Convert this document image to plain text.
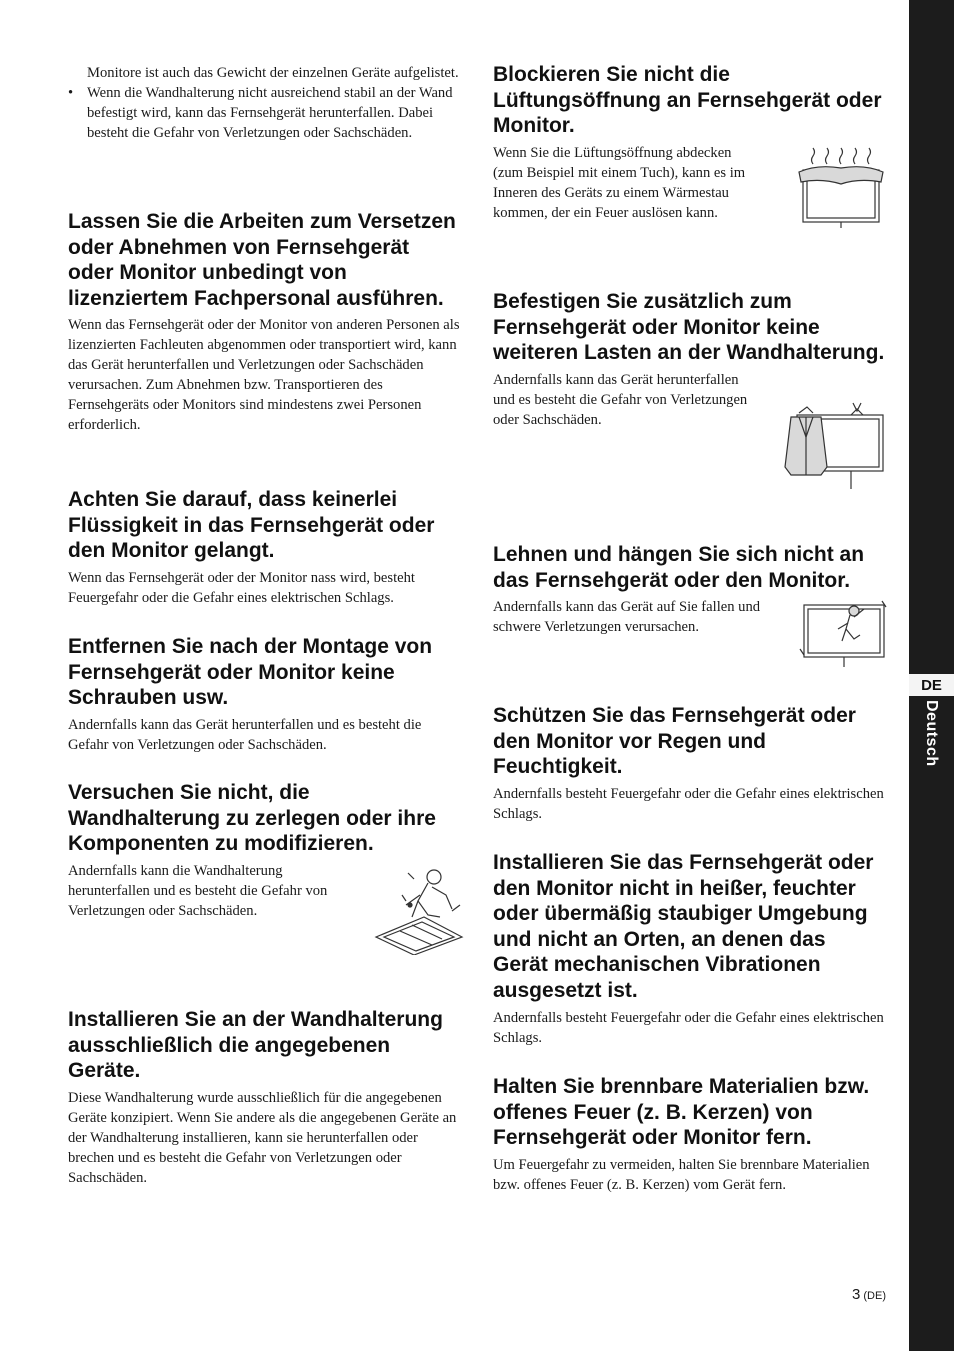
Monitore ist auch das Gewicht der einzelnen Geräte aufgelistet.

• Wenn die Wandhalterung nicht ausreichend stabil an der Wand befestigt wird, kann das Fernsehgerät herunterfallen. Dabei besteht die Gefahr von Verletzungen oder Sachschäden.

Lassen Sie die Arbeiten zum Versetzen oder Abnehmen von Fernsehgerät oder Monitor unbedingt von lizenziertem Fachpersonal ausführen.

Wenn das Fernsehgerät oder der Monitor von anderen Personen als lizenzierten Fachleuten abgenommen oder transportiert wird, kann das Gerät herunterfallen und Verletzungen oder Sachschäden verursachen. Zum Abnehmen bzw. Transportieren des Fernsehgeräts oder Monitors sind mindestens zwei Personen erforderlich.

Achten Sie darauf, dass keinerlei Flüssigkeit in das Fernsehgerät oder den Monitor gelangt.

Wenn das Fernsehgerät oder der Monitor nass wird, besteht Feuergefahr oder die Gefahr eines elektrischen Schlags.

Entfernen Sie nach der Montage von Fernsehgerät oder Monitor keine Schrauben usw.

Andernfalls kann das Gerät herunterfallen und es besteht die Gefahr von Verletzungen oder Sachschäden.

Versuchen Sie nicht, die Wandhalterung zu zerlegen oder ihre Komponenten zu modifizieren.

Andernfalls kann die Wandhalterung herunterfallen und es besteht die Gefahr von Verletzungen oder Sachschäden.

Installieren Sie an der Wandhalterung ausschließlich die angegebenen Geräte.

Diese Wandhalterung wurde ausschließlich für die angegebenen Geräte konzipiert. Wenn Sie andere als die angegebenen Geräte an der Wandhalterung installieren, kann sie herunterfallen oder brechen und es besteht die Gefahr von Verletzungen oder Sachschäden.

Blockieren Sie nicht die Lüftungsöffnung an Fernsehgerät oder Monitor.

Wenn Sie die Lüftungsöffnung abdecken (zum Beispiel mit einem Tuch), kann es im Inneren des Geräts zu einem Wärmestau kommen, der ein Feuer auslösen kann.

Befestigen Sie zusätzlich zum Fernsehgerät oder Monitor keine weiteren Lasten an der Wandhalterung.

Andernfalls kann das Gerät herunterfallen und es besteht die Gefahr von Verletzungen oder Sachschäden.

Lehnen und hängen Sie sich nicht an das Fernsehgerät oder den Monitor.

Andernfalls kann das Gerät auf Sie fallen und schwere Verletzungen verursachen.

Schützen Sie das Fernsehgerät oder den Monitor vor Regen und Feuchtigkeit.

Andernfalls besteht Feuergefahr oder die Gefahr eines elektrischen Schlags.

Installieren Sie das Fernsehgerät oder den Monitor nicht in heißer, feuchter oder übermäßig staubiger Umgebung und nicht an Orten, an denen das Gerät mechanischen Vibrationen ausgesetzt ist.

Andernfalls besteht Feuergefahr oder die Gefahr eines elektrischen Schlags.

Halten Sie brennbare Materialien bzw. offenes Feuer (z. B. Kerzen) von Fernsehgerät oder Monitor fern.

Um Feuergefahr zu vermeiden, halten Sie brennbare Materialien bzw. offenes Feuer (z. B. Kerzen) vom Gerät fern.

DE
Deutsch
3 (DE)
